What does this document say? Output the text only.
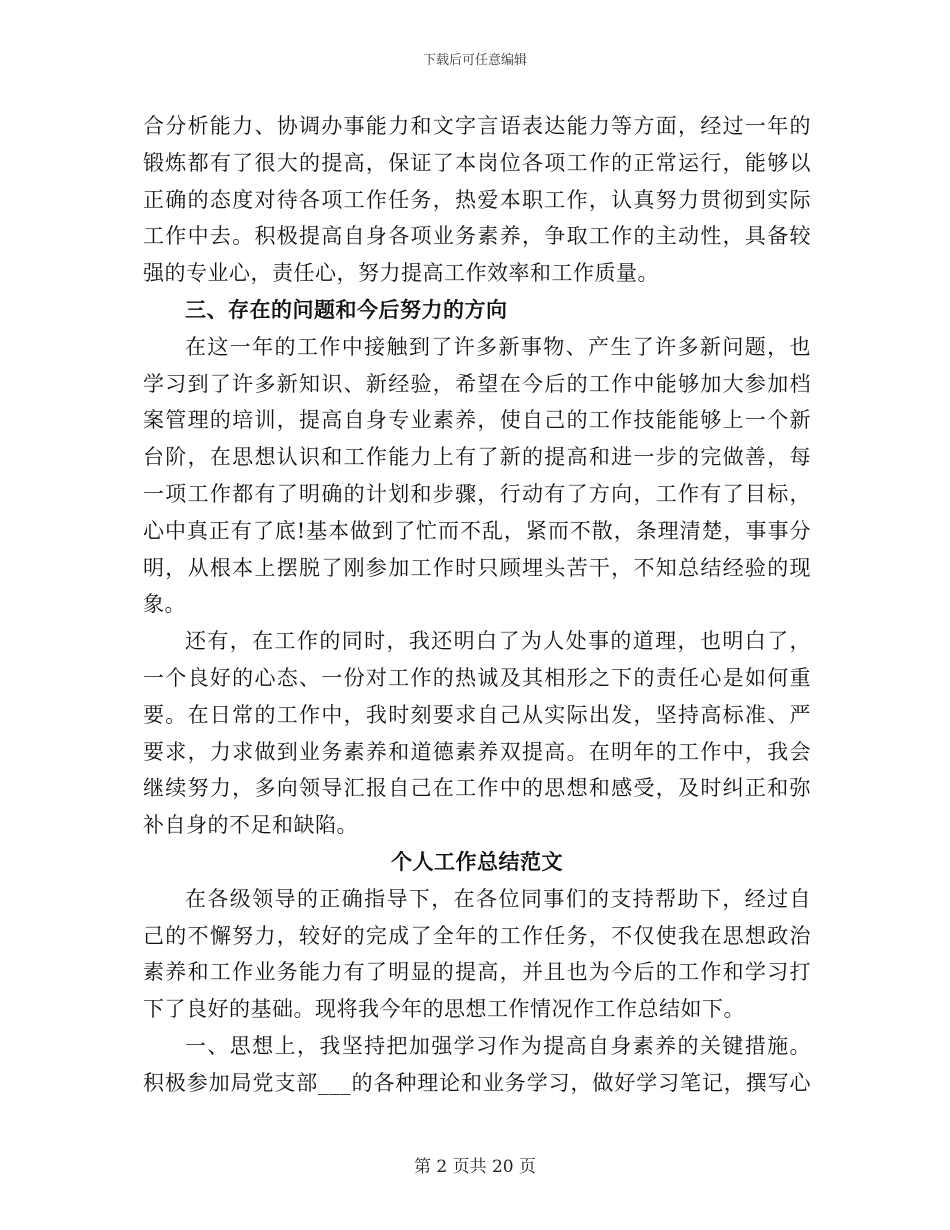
下载后可任意编辑
合分析能力、协调办事能力和文字言语表达能力等方面，经过一年的
锻炼都有了很大的提高，保证了本岗位各项工作的正常运行，能够以
正确的态度对待各项工作任务，热爱本职工作，认真努力贯彻到实际
工作中去。积极提高自身各项业务素养，争取工作的主动性，具备较
强的专业心，责任心，努力提高工作效率和工作质量。
三、存在的问题和今后努力的方向
在这一年的工作中接触到了许多新事物、产生了许多新问题，也
学习到了许多新知识、新经验，希望在今后的工作中能够加大参加档
案管理的培训，提高自身专业素养，使自己的工作技能能够上一个新
台阶，在思想认识和工作能力上有了新的提高和进一步的完做善，每
一项工作都有了明确的计划和步骤，行动有了方向，工作有了目标，
心中真正有了底!基本做到了忙而不乱，紧而不散，条理清楚，事事分
明，从根本上摆脱了刚参加工作时只顾埋头苦干，不知总结经验的现
象。
还有，在工作的同时，我还明白了为人处事的道理，也明白了，
一个良好的心态、一份对工作的热诚及其相形之下的责任心是如何重
要。在日常的工作中，我时刻要求自己从实际出发，坚持高标准、严
要求，力求做到业务素养和道德素养双提高。在明年的工作中，我会
继续努力，多向领导汇报自己在工作中的思想和感受，及时纠正和弥
补自身的不足和缺陷。
个人工作总结范文
在各级领导的正确指导下，在各位同事们的支持帮助下，经过自
己的不懈努力，较好的完成了全年的工作任务，不仅使我在思想政治
素养和工作业务能力有了明显的提高，并且也为今后的工作和学习打
下了良好的基础。现将我今年的思想工作情况作工作总结如下。
一、思想上，我坚持把加强学习作为提高自身素养的关键措施。
积极参加局党支部___的各种理论和业务学习，做好学习笔记，撰写心
第 2 页共 20 页
